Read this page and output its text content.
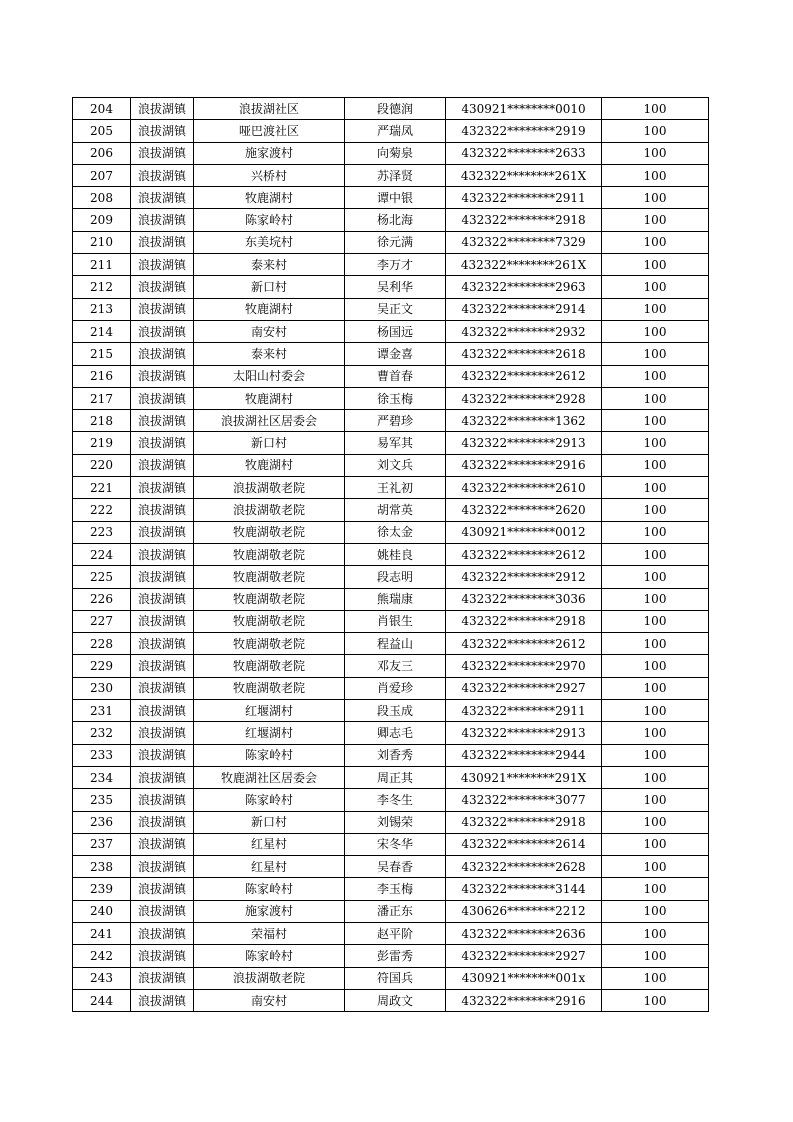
204	浪拔湖镇	浪拔湖社区	段德润	430921********0010	100
205	浪拔湖镇	哑巴渡社区	严瑞凤	432322********2919	100
206	浪拔湖镇	施家渡村	向菊泉	432322********2633	100
207	浪拔湖镇	兴桥村	苏泽贤	432322********261X	100
208	浪拔湖镇	牧鹿湖村	谭中银	432322********2911	100
209	浪拔湖镇	陈家岭村	杨北海	432322********2918	100
210	浪拔湖镇	东美垸村	徐元满	432322********7329	100
211	浪拔湖镇	泰来村	李万才	432322********261X	100
212	浪拔湖镇	新口村	吴利华	432322********2963	100
213	浪拔湖镇	牧鹿湖村	吴正文	432322********2914	100
214	浪拔湖镇	南安村	杨国远	432322********2932	100
215	浪拔湖镇	泰来村	谭金喜	432322********2618	100
216	浪拔湖镇	太阳山村委会	曹首春	432322********2612	100
217	浪拔湖镇	牧鹿湖村	徐玉梅	432322********2928	100
218	浪拔湖镇	浪拔湖社区居委会	严碧珍	432322********1362	100
219	浪拔湖镇	新口村	易军其	432322********2913	100
220	浪拔湖镇	牧鹿湖村	刘文兵	432322********2916	100
221	浪拔湖镇	浪拔湖敬老院	王礼初	432322********2610	100
222	浪拔湖镇	浪拔湖敬老院	胡常英	432322********2620	100
223	浪拔湖镇	牧鹿湖敬老院	徐太金	430921********0012	100
224	浪拔湖镇	牧鹿湖敬老院	姚桂良	432322********2612	100
225	浪拔湖镇	牧鹿湖敬老院	段志明	432322********2912	100
226	浪拔湖镇	牧鹿湖敬老院	熊瑞康	432322********3036	100
227	浪拔湖镇	牧鹿湖敬老院	肖银生	432322********2918	100
228	浪拔湖镇	牧鹿湖敬老院	程益山	432322********2612	100
229	浪拔湖镇	牧鹿湖敬老院	邓友三	432322********2970	100
230	浪拔湖镇	牧鹿湖敬老院	肖爱珍	432322********2927	100
231	浪拔湖镇	红堰湖村	段玉成	432322********2911	100
232	浪拔湖镇	红堰湖村	卿志毛	432322********2913	100
233	浪拔湖镇	陈家岭村	刘香秀	432322********2944	100
234	浪拔湖镇	牧鹿湖社区居委会	周正其	430921********291X	100
235	浪拔湖镇	陈家岭村	李冬生	432322********3077	100
236	浪拔湖镇	新口村	刘锡荣	432322********2918	100
237	浪拔湖镇	红星村	宋冬华	432322********2614	100
238	浪拔湖镇	红星村	吴春香	432322********2628	100
239	浪拔湖镇	陈家岭村	李玉梅	432322********3144	100
240	浪拔湖镇	施家渡村	潘正东	430626********2212	100
241	浪拔湖镇	荣福村	赵平阶	432322********2636	100
242	浪拔湖镇	陈家岭村	彭雷秀	432322********2927	100
243	浪拔湖镇	浪拔湖敬老院	符国兵	430921********001x	100
244	浪拔湖镇	南安村	周政文	432322********2916	100
